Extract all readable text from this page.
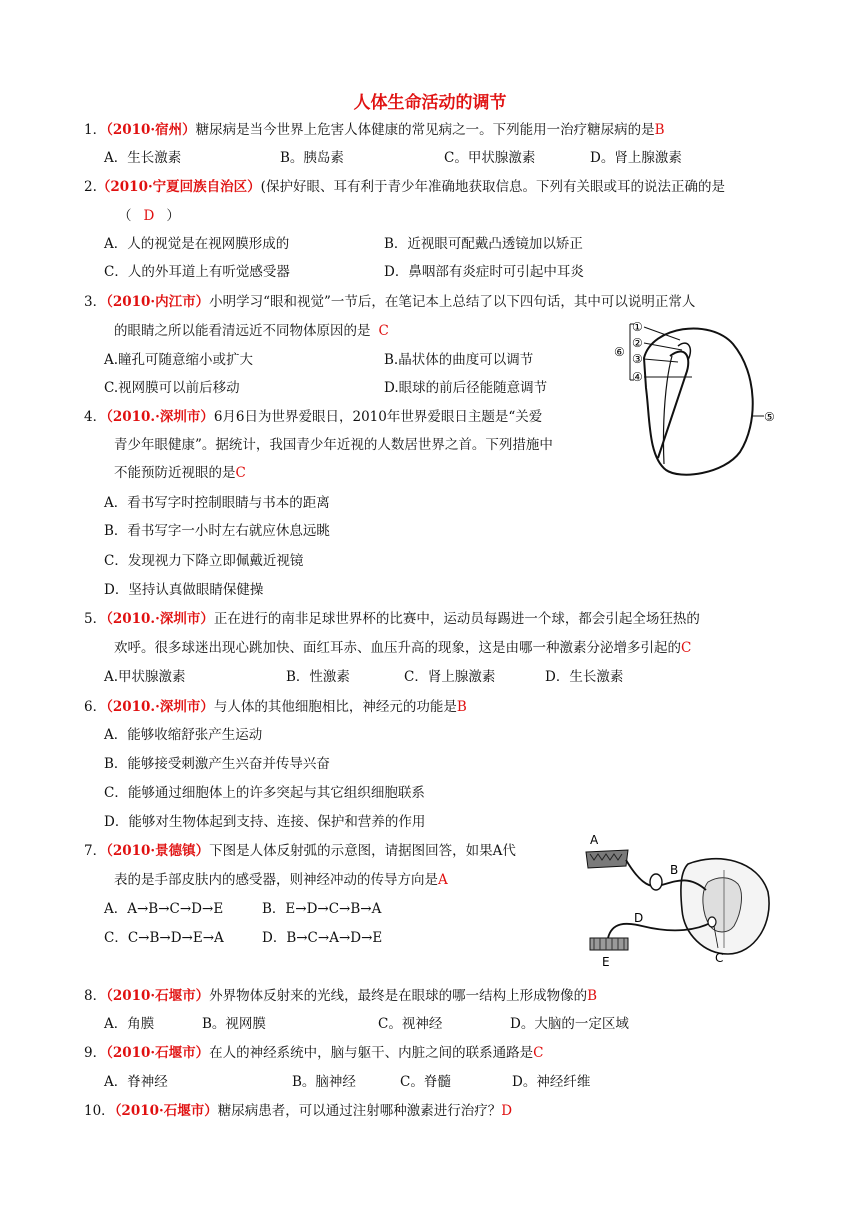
人体生命活动的调节
1．（2010·宿州）糖尿病是当今世界上危害人体健康的常见病之一。下列能用一治疗糖尿病的是B
A．生长激素	B。胰岛素	C。甲状腺激素	D。肾上腺激素
2.（2010·宁夏回族自治区）(保护好眼、耳有利于青少年准确地获取信息。下列有关眼或耳的说法正确的是
（ D ）
A．人的视觉是在视网膜形成的	B．近视眼可配戴凸透镜加以矫正
C．人的外耳道上有听觉感受器	D．鼻咽部有炎症时可引起中耳炎
3．（2010·内江市）小明学习“眼和视觉”一节后，在笔记本上总结了以下四句话，其中可以说明正常人
的眼睛之所以能看清远近不同物体原因的是 C
A.瞳孔可随意缩小或扩大	B.晶状体的曲度可以调节
C.视网膜可以前后移动	D.眼球的前后径能随意调节
①
②
③
④
⑤
⑥
4．（2010.·深圳市）6月6日为世界爱眼日，2010年世界爱眼日主题是“关爱
青少年眼健康”。据统计，我国青少年近视的人数居世界之首。下列措施中
不能预防近视眼的是C
A．看书写字时控制眼睛与书本的距离
B．看书写字一小时左右就应休息远眺
C．发现视力下降立即佩戴近视镜
D．坚持认真做眼睛保健操
5．（2010.·深圳市）正在进行的南非足球世界杯的比赛中，运动员每踢进一个球，都会引起全场狂热的
欢呼。很多球迷出现心跳加快、面红耳赤、血压升高的现象，这是由哪一种激素分泌增多引起的C
A.甲状腺激素	B．性激素	C．肾上腺激素	D．生长激素
6．（2010.·深圳市）与人体的其他细胞相比，神经元的功能是B
A．能够收缩舒张产生运动
B．能够接受刺激产生兴奋并传导兴奋
C．能够通过细胞体上的许多突起与其它组织细胞联系
D．能够对生物体起到支持、连接、保护和营养的作用
7．（2010·景德镇）下图是人体反射弧的示意图，请据图回答，如果A代
表的是手部皮肤内的感受器，则神经冲动的传导方向是A
A．A→B→C→D→E	B．E→D→C→B→A
C．C→B→D→E→A	D．B→C→A→D→E
A
B
C
D
E
8．（2010·石堰市）外界物体反射来的光线，最终是在眼球的哪一结构上形成物像的B
A．角膜	B。视网膜	C。视神经	D。大脑的一定区域
9．（2010·石堰市）在人的神经系统中，脑与躯干、内脏之间的联系通路是C
A．脊神经	B。脑神经	C。脊髓	D。神经纤维
10．（2010·石堰市）糖尿病患者，可以通过注射哪种激素进行治疗？D
